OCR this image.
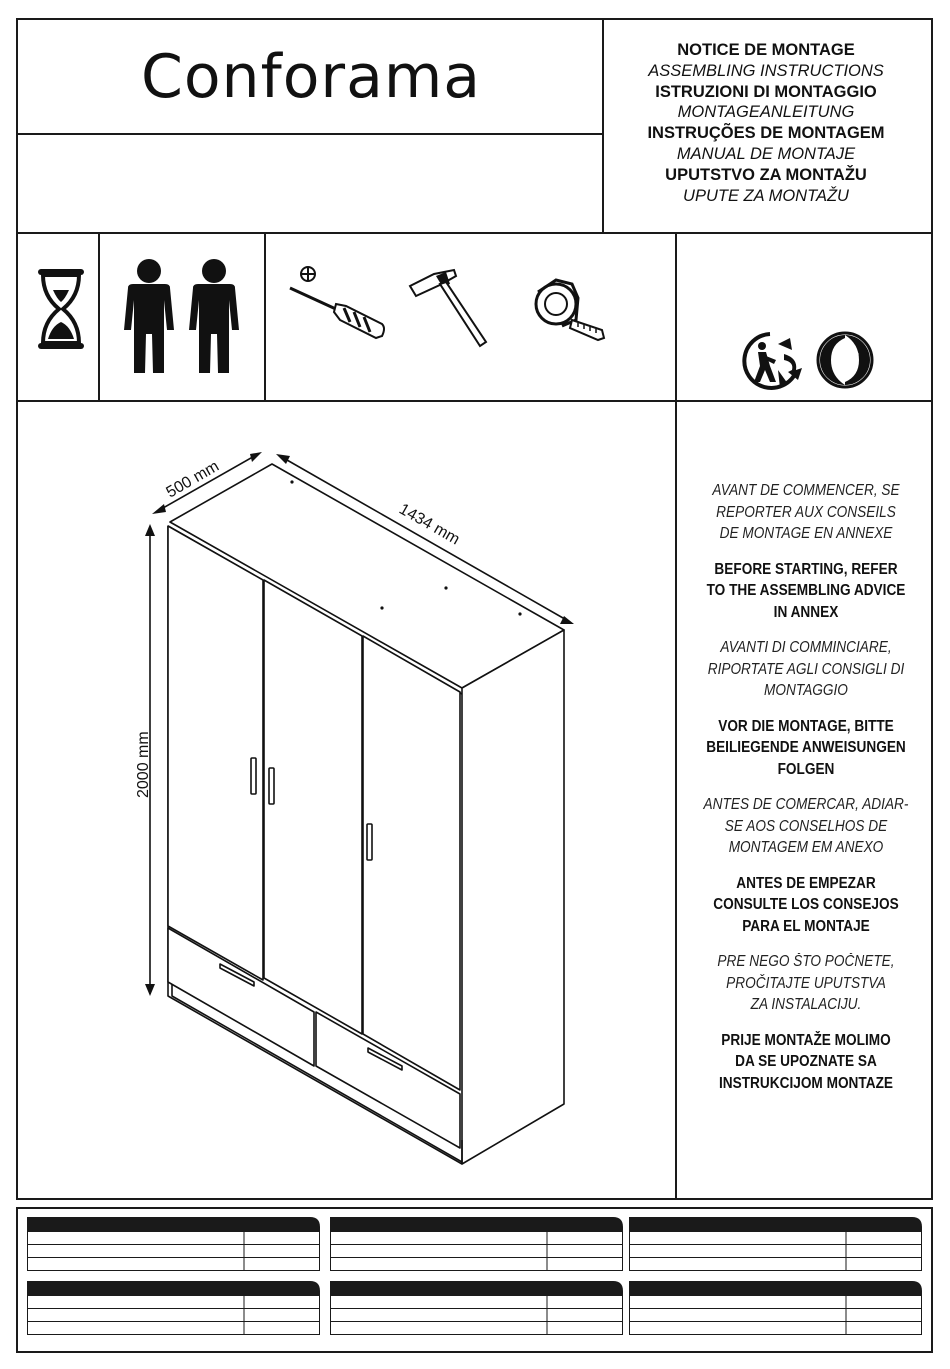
Conforama	NOTICE DE MONTAGE
ASSEMBLING INSTRUCTIONS
ISTRUZIONI DI MONTAGGIO
MONTAGEANLEITUNG
INSTRUÇÕES DE MONTAGEM
MANUAL DE MONTAJE
UPUTSTVO ZA MONTAŽU
UPUTE ZA MONTAŽU
500 mm
1434 mm
2000 mm
AVANT DE COMMENCER, SE
REPORTER AUX CONSEILS
DE MONTAGE EN ANNEXE
BEFORE STARTING, REFER
TO THE ASSEMBLING ADVICE
IN ANNEX
AVANTI DI COMMINCIARE,
RIPORTATE AGLI CONSIGLI DI
MONTAGGIO
VOR DIE MONTAGE, BITTE
BEILIEGENDE ANWEISUNGEN
FOLGEN
ANTES DE COMERCAR, ADIAR-
SE AOS CONSELHOS DE
MONTAGEM EM ANEXO
ANTES DE EMPEZAR
CONSULTE LOS CONSEJOS
PARA EL MONTAJE
PRE NEGO ŠTO POČNETE,
PROČITAJTE UPUTSTVA
ZA INSTALACIJU.
PRIJE MONTAŽE MOLIMO
DA SE UPOZNATE SA
INSTRUKCIJOM MONTAZE
